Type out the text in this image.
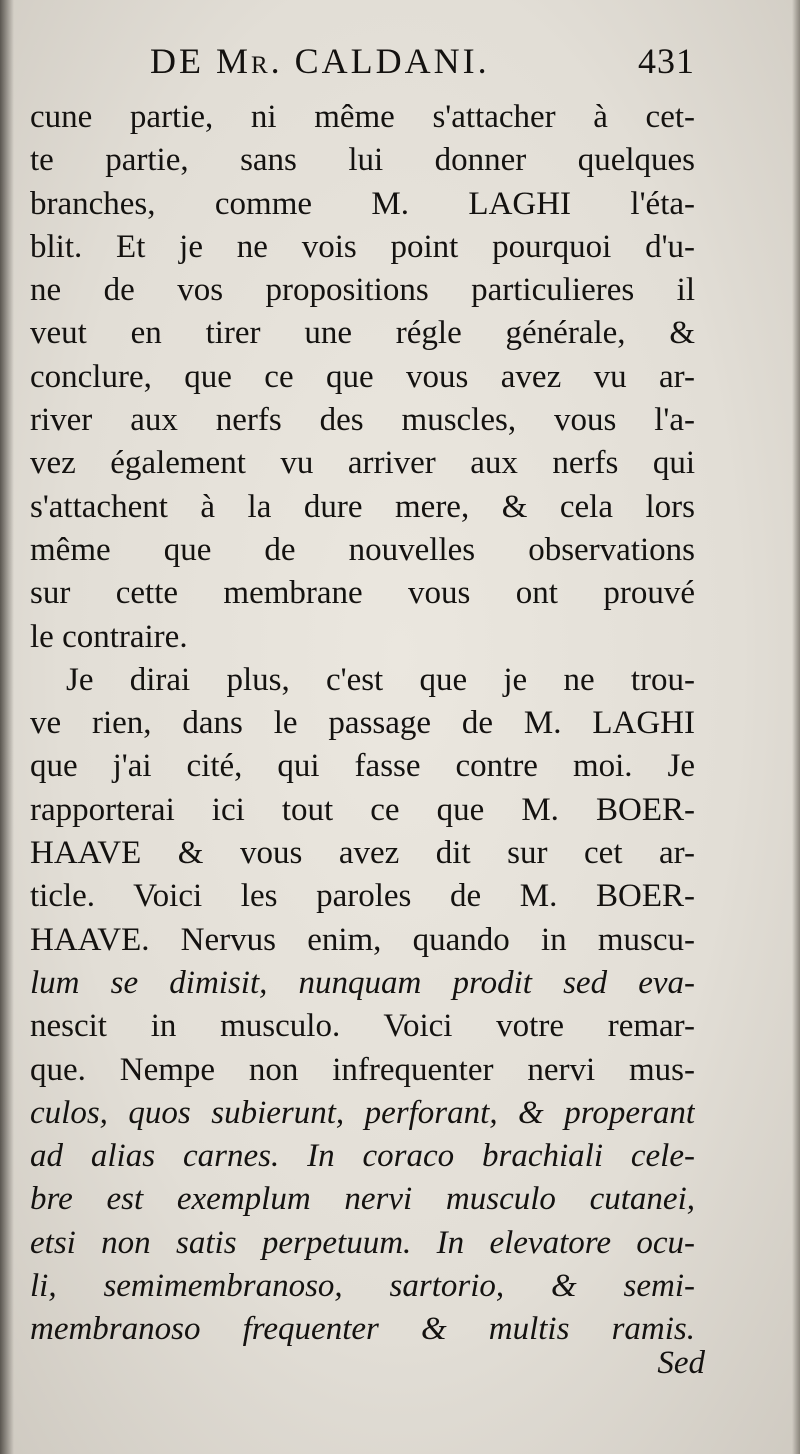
DE Mr. CALDANI.	431
cune partie, ni même s'attacher à cet-
te partie, sans lui donner quelques
branches, comme M. LAGHI l'éta-
blit. Et je ne vois point pourquoi d'u-
ne de vos propositions particulieres il
veut en tirer une régle générale, &
conclure, que ce que vous avez vu ar-
river aux nerfs des muscles, vous l'a-
vez également vu arriver aux nerfs qui
s'attachent à la dure mere, & cela lors
même que de nouvelles observations
sur cette membrane vous ont prouvé
le contraire.
Je dirai plus, c'est que je ne trou-
ve rien, dans le passage de M. LAGHI
que j'ai cité, qui fasse contre moi. Je
rapporterai ici tout ce que M. BOER-
HAAVE & vous avez dit sur cet ar-
ticle. Voici les paroles de M. BOER-
HAAVE. Nervus enim, quando in muscu-
lum se dimisit, nunquam prodit sed eva-
nescit in musculo. Voici votre remar-
que. Nempe non infrequenter nervi mus-
culos, quos subierunt, perforant, & properant
ad alias carnes. In coraco brachiali cele-
bre est exemplum nervi musculo cutanei,
etsi non satis perpetuum. In elevatore ocu-
li, semimembranoso, sartorio, & semi-
membranoso frequenter & multis ramis.
Sed
